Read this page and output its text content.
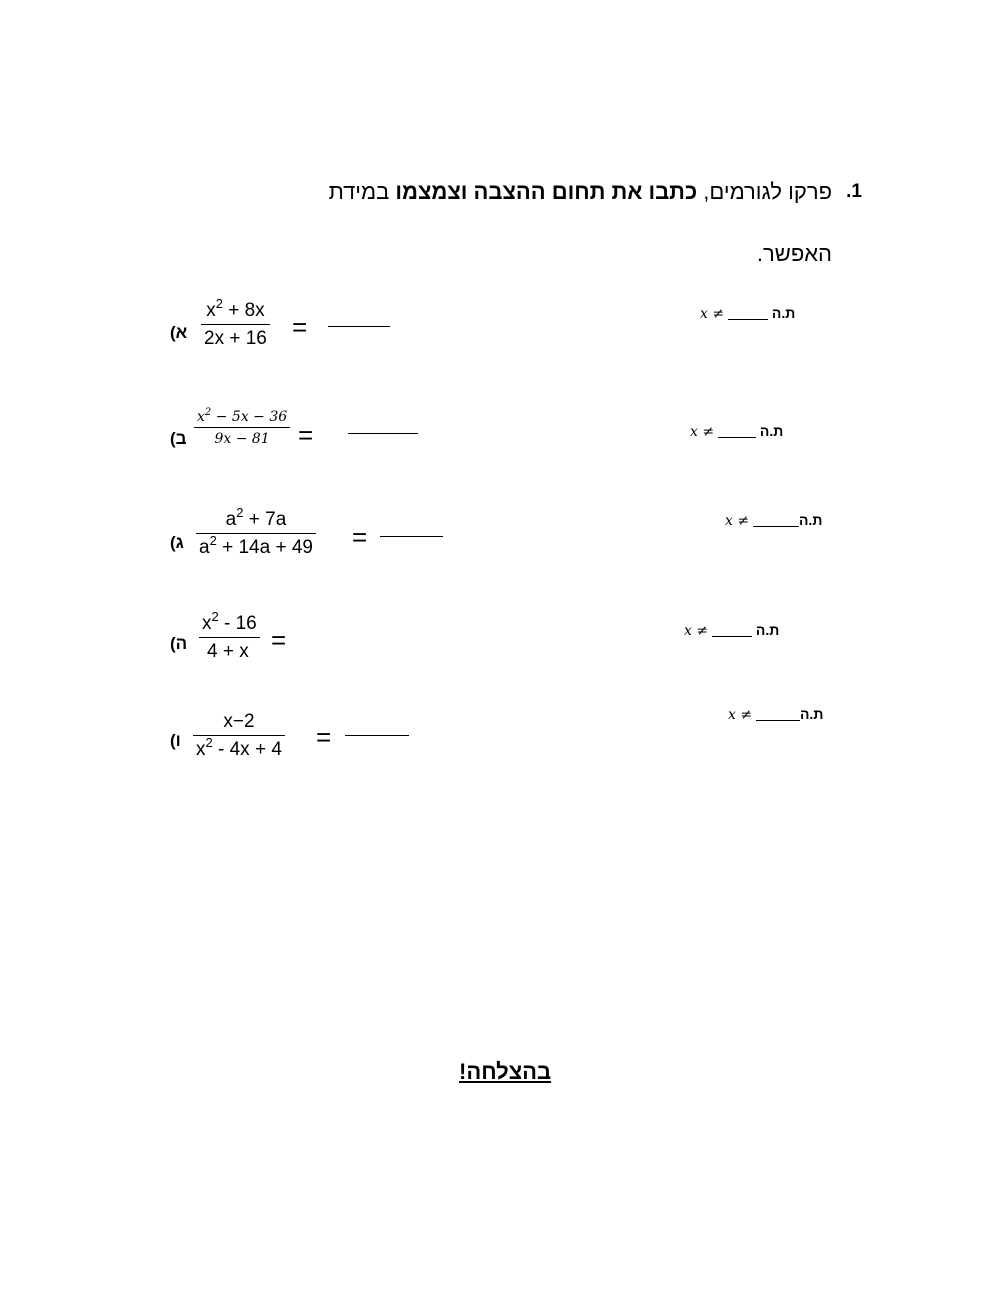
.1
פרקו לגורמים, כתבו את תחום ההצבה וצמצמו במידת
האפשר.
א)
$x^2 + 8x$
2x + 16 =	x ≠	ת.ה
ב)
$x^2 - 5x - 36$
9x − 81 =	x ≠	ת.ה
ג)
$a^2 + 7a$
$a^2 + 14a + 49$ =
x ≠	ת.ה
ה)
$x^2 - 16$
4 + x =	x ≠	ת.ה
ו)
x−2
$x^2 - 4x + 4$ =
x ≠	ת.ה
בהצלחה!
